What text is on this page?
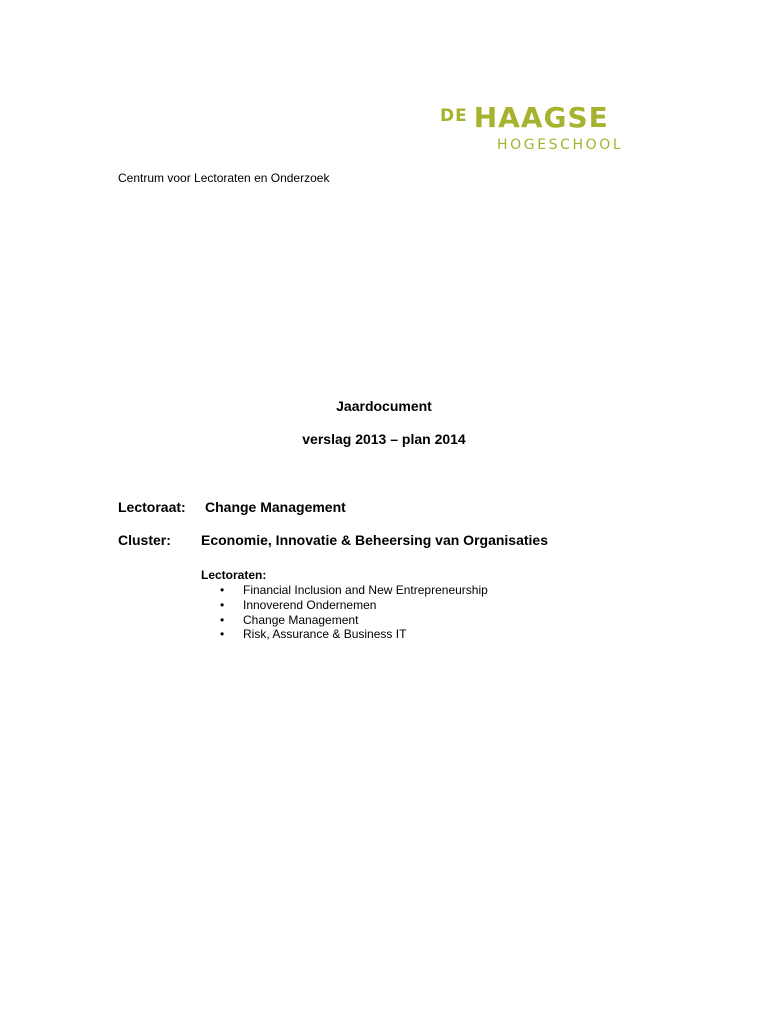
DE HAAGSE
HOGESCHOOL
Centrum voor Lectoraten en Onderzoek
Jaardocument
verslag 2013 – plan 2014
Lectoraat: Change Management
Cluster: Economie, Innovatie & Beheersing van Organisaties
Lectoraten:
• Financial Inclusion and New Entrepreneurship
• Innoverend Ondernemen
• Change Management
• Risk, Assurance & Business IT
